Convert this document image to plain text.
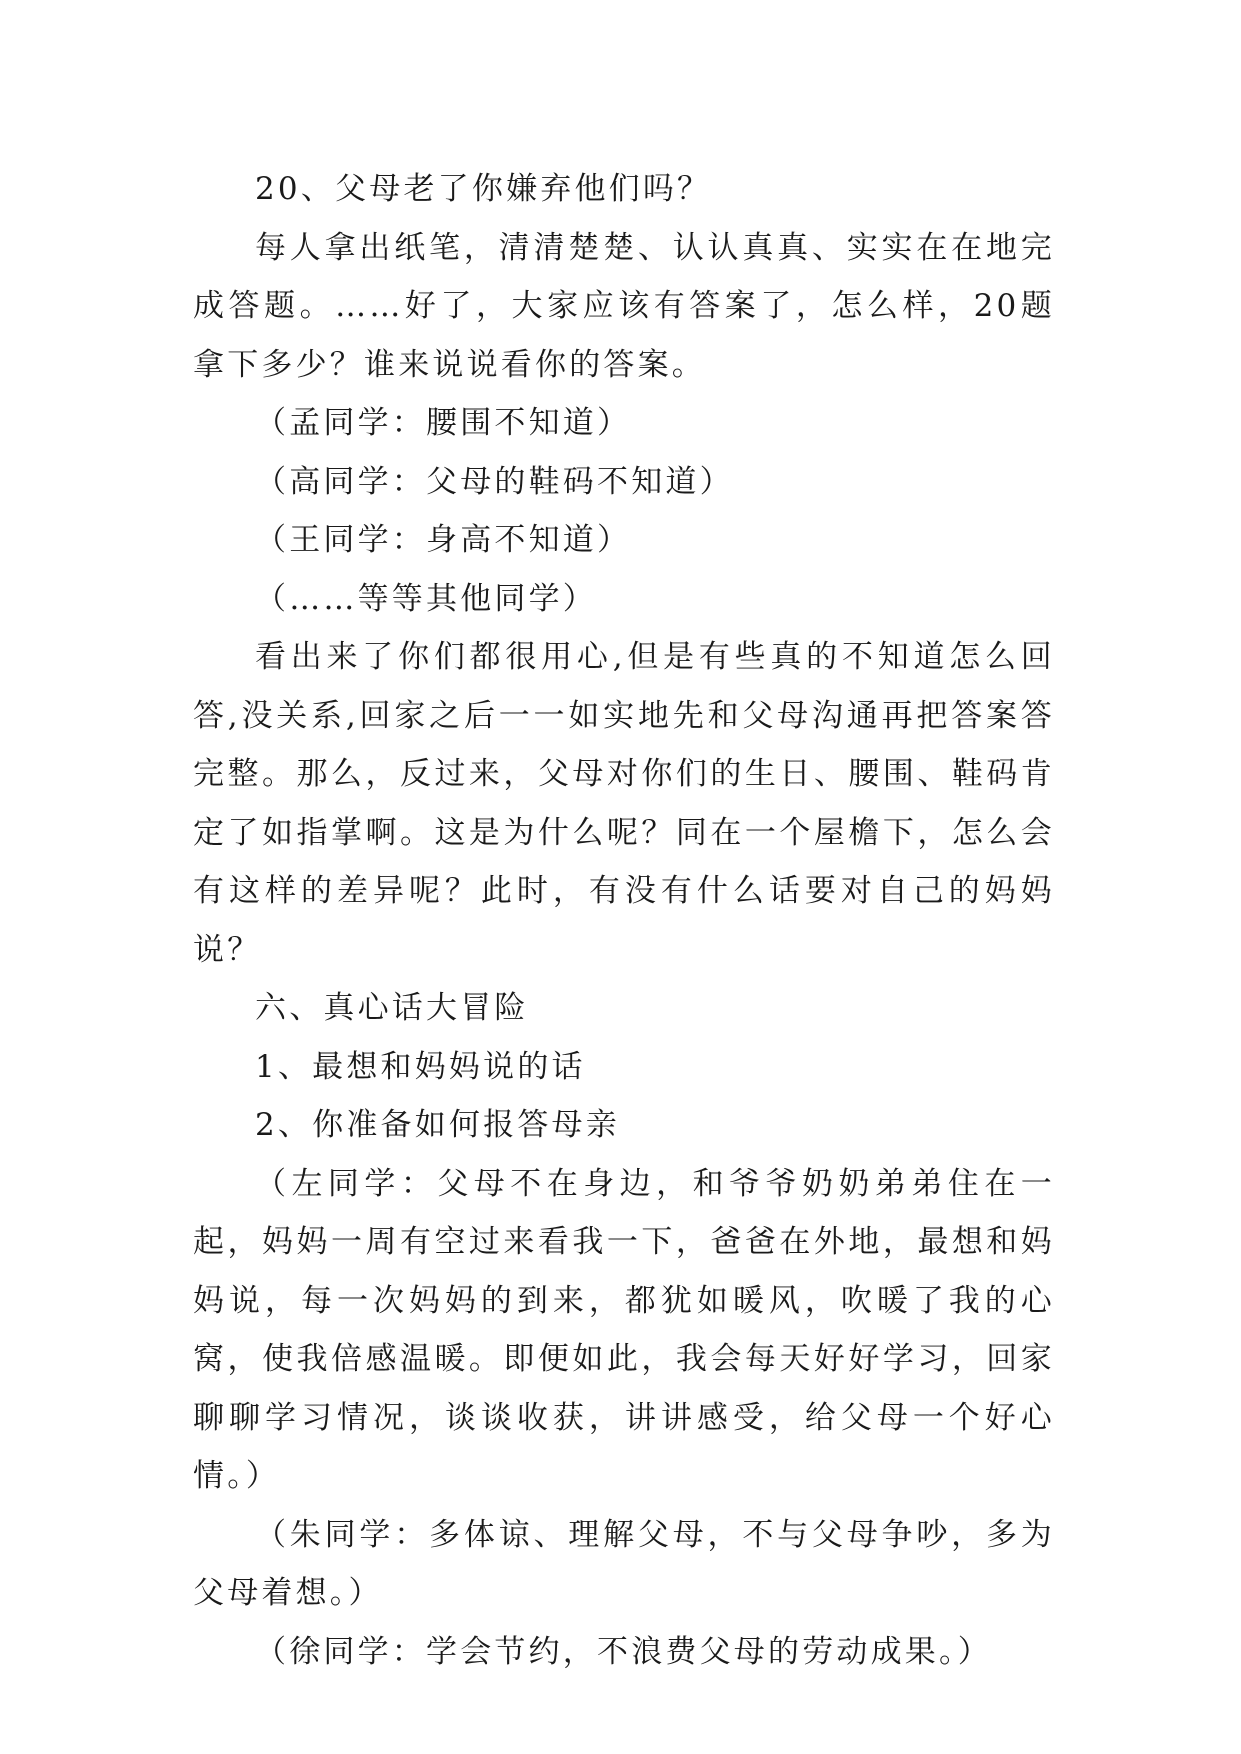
20、父母老了你嫌弃他们吗？

每人拿出纸笔，清清楚楚、认认真真、实实在在地完成答题。……好了，大家应该有答案了，怎么样，20题拿下多少？谁来说说看你的答案。

（孟同学：腰围不知道）

（高同学：父母的鞋码不知道）

（王同学：身高不知道）

（……等等其他同学）

看出来了你们都很用心,但是有些真的不知道怎么回答,没关系,回家之后一一如实地先和父母沟通再把答案答完整。那么，反过来，父母对你们的生日、腰围、鞋码肯定了如指掌啊。这是为什么呢？同在一个屋檐下，怎么会有这样的差异呢？此时，有没有什么话要对自己的妈妈说？

六、真心话大冒险

1、最想和妈妈说的话

2、你准备如何报答母亲

（左同学：父母不在身边，和爷爷奶奶弟弟住在一起，妈妈一周有空过来看我一下，爸爸在外地，最想和妈妈说，每一次妈妈的到来，都犹如暖风，吹暖了我的心窝，使我倍感温暖。即便如此，我会每天好好学习，回家聊聊学习情况，谈谈收获，讲讲感受，给父母一个好心情。）

（朱同学：多体谅、理解父母，不与父母争吵，多为父母着想。）

（徐同学：学会节约，不浪费父母的劳动成果。）
